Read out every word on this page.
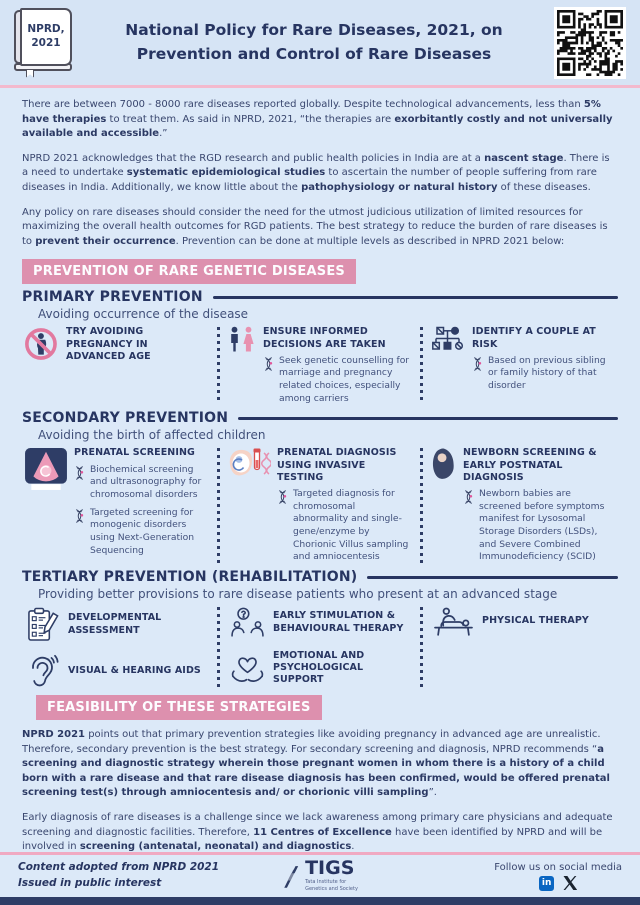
NPRD,
2021
National Policy for Rare Diseases, 2021, on
Prevention and Control of Rare Diseases

There are between 7000 - 8000 rare diseases reported globally. Despite technological advancements, less than 5% have therapies to treat them. As said in NPRD, 2021, “the therapies are exorbitantly costly and not universally available and accessible.”

NPRD 2021 acknowledges that the RGD research and public health policies in India are at a nascent stage. There is a need to undertake systematic epidemiological studies to ascertain the number of people suffering from rare diseases in India. Additionally, we know little about the pathophysiology or natural history of these diseases.

Any policy on rare diseases should consider the need for the utmost judicious utilization of limited resources for maximizing the overall health outcomes for RGD patients. The best strategy to reduce the burden of rare diseases is to prevent their occurrence. Prevention can be done at multiple levels as described in NPRD 2021 below:

PREVENTION OF RARE GENETIC DISEASES
PRIMARY PREVENTION
Avoiding occurrence of the disease
TRY AVOIDING PREGNANCY IN ADVANCED AGE
ENSURE INFORMED DECISIONS ARE TAKEN
Seek genetic counselling for marriage and pregnancy related choices, especially among carriers
IDENTIFY A COUPLE AT RISK
Based on previous sibling or family history of that disorder
SECONDARY PREVENTION
Avoiding the birth of affected children
PRENATAL SCREENING
Biochemical screening and ultrasonography for chromosomal disorders
Targeted screening for monogenic disorders using Next-Generation Sequencing
PRENATAL DIAGNOSIS USING INVASIVE TESTING
Targeted diagnosis for chromosomal abnormality and single-gene/enzyme by Chorionic Villus sampling and amniocentesis
NEWBORN SCREENING & EARLY POSTNATAL DIAGNOSIS
Newborn babies are screened before symptoms manifest for Lysosomal Storage Disorders (LSDs), and Severe Combined Immunodeficiency (SCID)
TERTIARY PREVENTION (REHABILITATION)
Providing better provisions to rare disease patients who present at an advanced stage
DEVELOPMENTAL ASSESSMENT
VISUAL & HEARING AIDS
EARLY STIMULATION & BEHAVIOURAL THERAPY
EMOTIONAL AND PSYCHOLOGICAL SUPPORT
PHYSICAL THERAPY
FEASIBILITY OF THESE STRATEGIES

NPRD 2021 points out that primary prevention strategies like avoiding pregnancy in advanced age are unrealistic. Therefore, secondary prevention is the best strategy. For secondary screening and diagnosis, NPRD recommends “a screening and diagnostic strategy wherein those pregnant women in whom there is a history of a child born with a rare disease and that rare disease diagnosis has been confirmed, would be offered prenatal screening test(s) through amniocentesis and/ or chorionic villi sampling”.

Early diagnosis of rare diseases is a challenge since we lack awareness among primary care physicians and adequate screening and diagnostic facilities. Therefore, 11 Centres of Excellence have been identified by NPRD and will be involved in screening (antenatal, neonatal) and diagnostics.

Content adopted from NPRD 2021
Issued in public interest
TIGS
Tata Institute for
Genetics and Society
Follow us on social media
in
